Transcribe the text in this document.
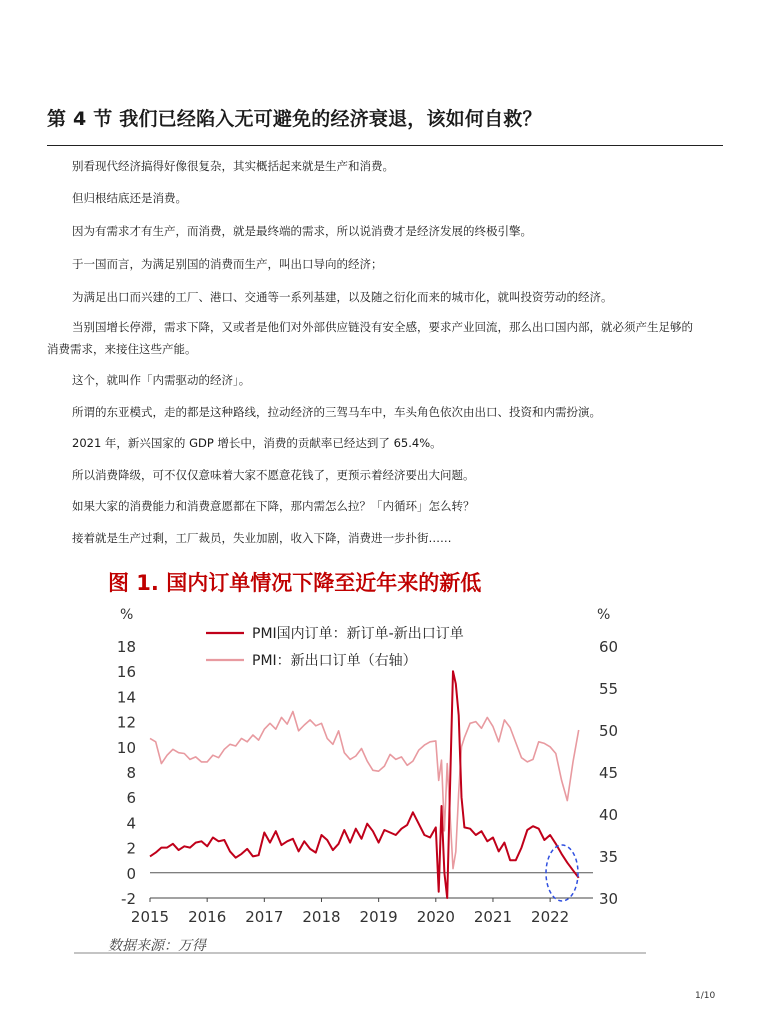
第 4 节 我们已经陷入无可避免的经济衰退，该如何自救？

别看现代经济搞得好像很复杂，其实概括起来就是生产和消费。

但归根结底还是消费。

因为有需求才有生产，而消费，就是最终端的需求，所以说消费才是经济发展的终极引擎。

于一国而言，为满足别国的消费而生产，叫出口导向的经济；

为满足出口而兴建的工厂、港口、交通等一系列基建，以及随之衍化而来的城市化，就叫投资劳动的经济。

当别国增长停滞，需求下降，又或者是他们对外部供应链没有安全感，要求产业回流，那么出口国内部，就必须产生足够的消费需求，来接住这些产能。

这个，就叫作「内需驱动的经济」。

所谓的东亚模式，走的都是这种路线，拉动经济的三驾马车中，车头角色依次由出口、投资和内需扮演。

2021 年，新兴国家的 GDP 增长中，消费的贡献率已经达到了 65.4%。

所以消费降级，可不仅仅意味着大家不愿意花钱了，更预示着经济要出大问题。

如果大家的消费能力和消费意愿都在下降，那内需怎么拉？「内循环」怎么转？

接着就是生产过剩，工厂裁员，失业加剧，收入下降，消费进一步扑街……

图 1. 国内订单情况下降至近年来的新低
%	%
18
16
14
12
10
8
6
4
2
0
-2
60
55
50
45
40
35
30
2015 2016 2017 2018 2019 2020 2021 2022
PMI国内订单：新订单-新出口订单
PMI：新出口订单（右轴）
数据来源：万得
1/10
